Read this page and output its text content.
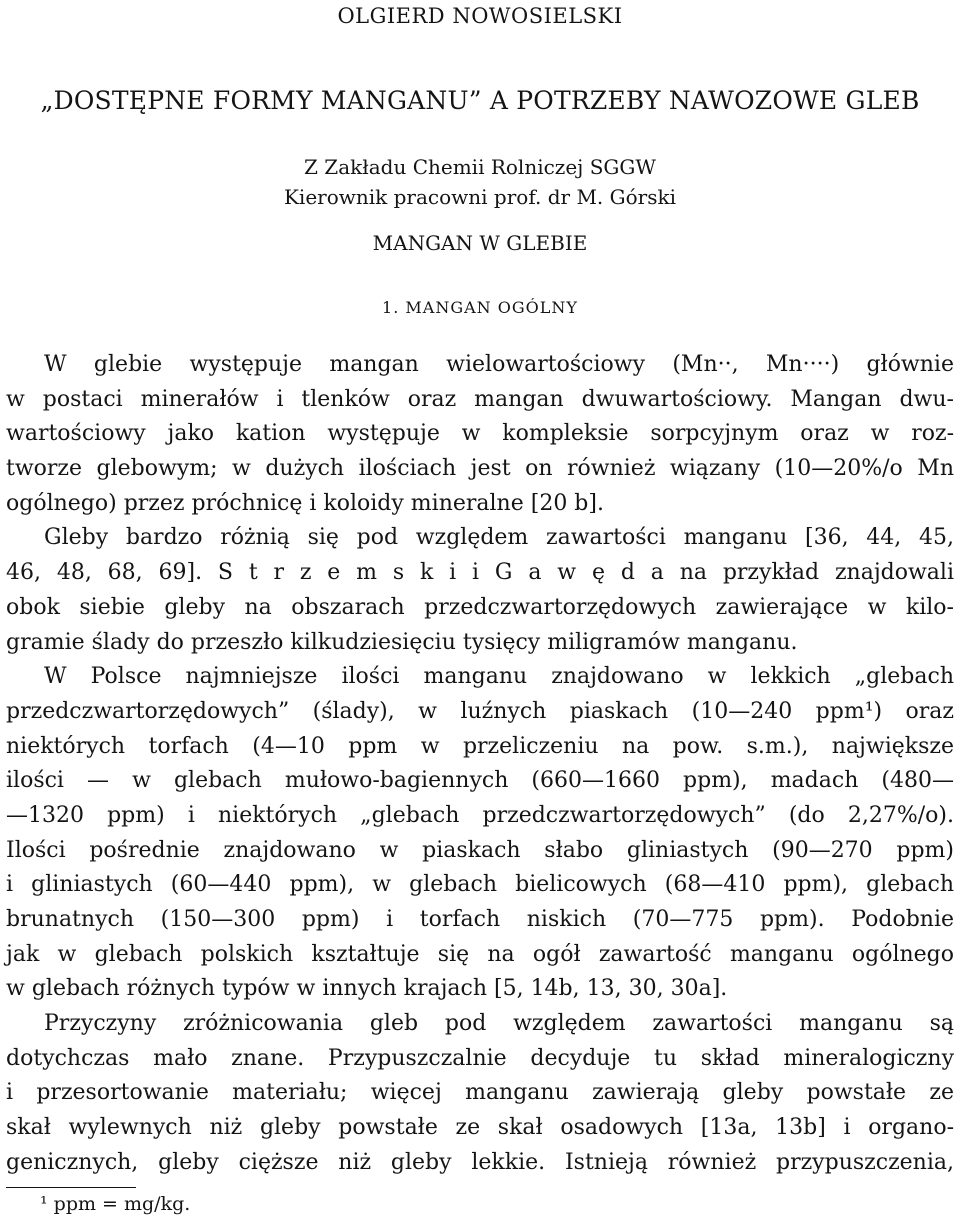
OLGIERD NOWOSIELSKI
„DOSTĘPNE FORMY MANGANU” A POTRZEBY NAWOZOWE GLEB
Z Zakładu Chemii Rolniczej SGGW
Kierownik pracowni prof. dr M. Górski
MANGAN W GLEBIE
1. MANGAN OGÓLNY
W glebie występuje mangan wielowartościowy (Mn··, Mn····) głównie
w postaci minerałów i tlenków oraz mangan dwuwartościowy. Mangan dwu-
wartościowy jako kation występuje w kompleksie sorpcyjnym oraz w roz-
tworze glebowym; w dużych ilościach jest on również wiązany (10—20%/o Mn
ogólnego) przez próchnicę i koloidy mineralne [20 b].
Gleby bardzo różnią się pod względem zawartości manganu [36, 44, 45,
46, 48, 68, 69]. S t r z e m s k i i G a w ę d a na przykład znajdowali
obok siebie gleby na obszarach przedczwartorzędowych zawierające w kilo-
gramie ślady do przeszło kilkudziesięciu tysięcy miligramów manganu.
W Polsce najmniejsze ilości manganu znajdowano w lekkich „glebach
przedczwartorzędowych” (ślady), w luźnych piaskach (10—240 ppm¹) oraz
niektórych torfach (4—10 ppm w przeliczeniu na pow. s.m.), największe
ilości — w glebach mułowo-bagiennych (660—1660 ppm), madach (480—
—1320 ppm) i niektórych „glebach przedczwartorzędowych” (do 2,27%/o).
Ilości pośrednie znajdowano w piaskach słabo gliniastych (90—270 ppm)
i gliniastych (60—440 ppm), w glebach bielicowych (68—410 ppm), glebach
brunatnych (150—300 ppm) i torfach niskich (70—775 ppm). Podobnie
jak w glebach polskich kształtuje się na ogół zawartość manganu ogólnego
w glebach różnych typów w innych krajach [5, 14b, 13, 30, 30a].
Przyczyny zróżnicowania gleb pod względem zawartości manganu są
dotychczas mało znane. Przypuszczalnie decyduje tu skład mineralogiczny
i przesortowanie materiału; więcej manganu zawierają gleby powstałe ze
skał wylewnych niż gleby powstałe ze skał osadowych [13a, 13b] i organo-
genicznych, gleby cięższe niż gleby lekkie. Istnieją również przypuszczenia,
¹ ppm = mg/kg.
